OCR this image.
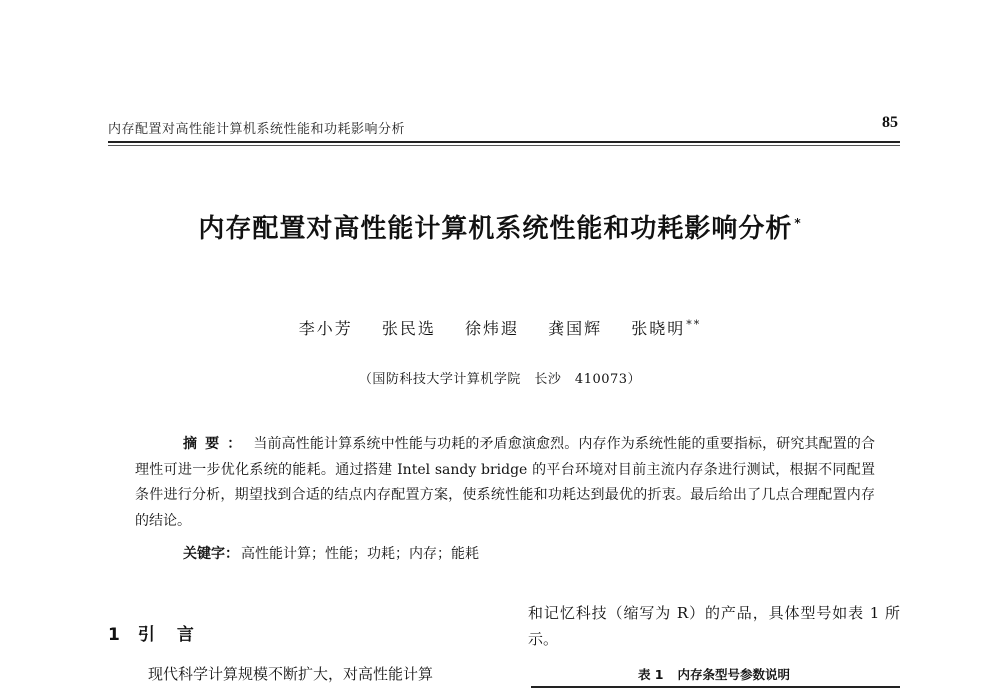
内存配置对高性能计算机系统性能和功耗影响分析	85
内存配置对高性能计算机系统性能和功耗影响分析 *
李小芳 张民选 徐炜遐 龚国辉 张晓明**
（国防科技大学计算机学院　长沙　410073）
摘要： 当前高性能计算系统中性能与功耗的矛盾愈演愈烈。内存作为系统性能的重要指标，研究其配置的合理性可进一步优化系统的能耗。通过搭建 Intel sandy bridge 的平台环境对目前主流内存条进行测试，根据不同配置条件进行分析，期望找到合适的结点内存配置方案，使系统性能和功耗达到最优的折衷。最后给出了几点合理配置内存的结论。
关键字： 高性能计算；性能；功耗；内存；能耗
1 引言
现代科学计算规模不断扩大，对高性能计算
和记忆科技（缩写为 R）的产品，具体型号如表 1 所示。
表 1 内存条型号参数说明
